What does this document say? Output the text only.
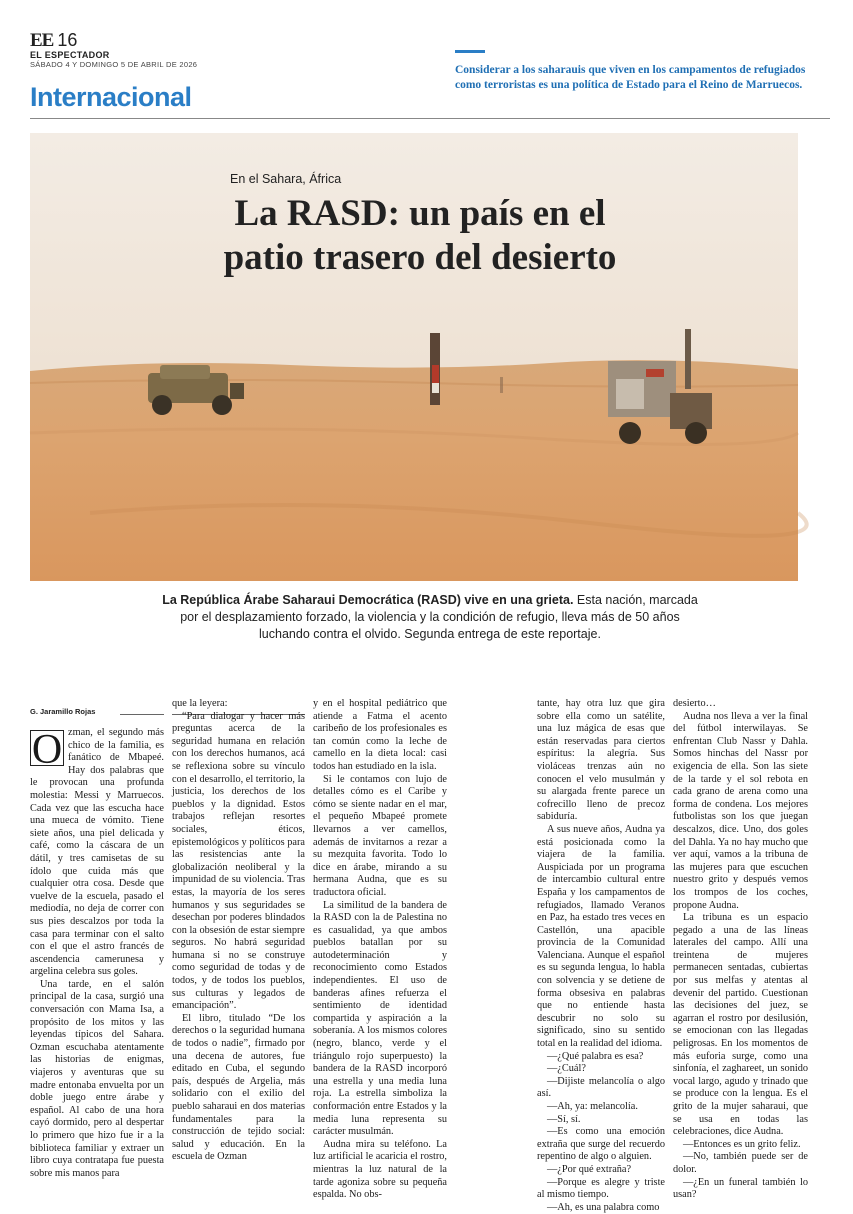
EE 16
EL ESPECTADOR
SÁBADO 4 Y DOMINGO 5 DE ABRIL DE 2026
Internacional
Considerar a los saharauis que viven en los campamentos de refugiados como terroristas es una política de Estado para el Reino de Marruecos.
En el Sahara, África
La RASD: un país en el patio trasero del desierto
La República Árabe Saharaui Democrática (RASD) vive en una grieta. Esta nación, marcada por el desplazamiento forzado, la violencia y la condición de refugio, lleva más de 50 años luchando contra el olvido. Segunda entrega de este reportaje.
G. Jaramillo Rojas
O zman, el segundo más chico de la familia, es fanático de Mbapeé. Hay dos palabras que le provocan una profunda molestia: Messi y Marruecos. Cada vez que las escucha hace una mueca de vómito. Tiene siete años, una piel delicada y café, como la cáscara de un dátil, y tres camisetas de su ídolo que cuida más que cualquier otra cosa. Desde que vuelve de la escuela, pasado el mediodía, no deja de correr con sus pies descalzos por toda la casa para terminar con el salto con el que el astro francés de ascendencia camerunesa y argelina celebra sus goles.

Una tarde, en el salón principal de la casa, surgió una conversación con Mama Isa, a propósito de los mitos y las leyendas típicos del Sahara. Ozman escuchaba atentamente las historias de enigmas, viajeros y aventuras que su madre entonaba envuelta por un doble juego entre árabe y español. Al cabo de una hora cayó dormido, pero al despertar lo primero que hizo fue ir a la biblioteca familiar y extraer un libro cuya contratapa fue puesta sobre mis manos para

que la leyera:

“Para dialogar y hacer más preguntas acerca de la seguridad humana en relación con los derechos humanos, acá se reflexiona sobre su vínculo con el desarrollo, el territorio, la justicia, los derechos de los pueblos y la dignidad. Estos trabajos reflejan resortes sociales, éticos, epistemológicos y políticos para las resistencias ante la globalización neoliberal y la impunidad de su violencia. Tras estas, la mayoría de los seres humanos y sus seguridades se desechan por poderes blindados con la obsesión de estar siempre seguros. No habrá seguridad humana si no se construye como seguridad de todas y de todos, y de todos los pueblos, sus culturas y legados de emancipación”.

El libro, titulado “De los derechos o la seguridad humana de todos o nadie”, firmado por una decena de autores, fue editado en Cuba, el segundo país, después de Argelia, más solidario con el exilio del pueblo saharaui en dos materias fundamentales para la construcción de tejido social: salud y educación. En la escuela de Ozman

y en el hospital pediátrico que atiende a Fatma el acento caribeño de los profesionales es tan común como la leche de camello en la dieta local: casi todos han estudiado en la isla.

Si le contamos con lujo de detalles cómo es el Caribe y cómo se siente nadar en el mar, el pequeño Mbapeé promete llevarnos a ver camellos, además de invitarnos a rezar a su mezquita favorita. Todo lo dice en árabe, mirando a su hermana Audna, que es su traductora oficial.

La similitud de la bandera de la RASD con la de Palestina no es casualidad, ya que ambos pueblos batallan por su autodeterminación y reconocimiento como Estados independientes. El uso de banderas afines refuerza el sentimiento de identidad compartida y aspiración a la soberanía. A los mismos colores (negro, blanco, verde y el triángulo rojo superpuesto) la bandera de la RASD incorporó una estrella y una media luna roja. La estrella simboliza la conformación entre Estados y la media luna representa su carácter musulmán.

Audna mira su teléfono. La luz artificial le acaricia el rostro, mientras la luz natural de la tarde agoniza sobre su pequeña espalda. No obs-

tante, hay otra luz que gira sobre ella como un satélite, una luz mágica de esas que están reservadas para ciertos espíritus: la alegría. Sus violáceas trenzas aún no conocen el velo musulmán y su alargada frente parece un cofrecillo lleno de precoz sabiduría.

A sus nueve años, Audna ya está posicionada como la viajera de la familia. Auspiciada por un programa de intercambio cultural entre España y los campamentos de refugiados, llamado Veranos en Paz, ha estado tres veces en Castellón, una apacible provincia de la Comunidad Valenciana. Aunque el español es su segunda lengua, lo habla con solvencia y se detiene de forma obsesiva en palabras que no entiende hasta descubrir no solo su significado, sino su sentido total en la realidad del idioma.

—¿Qué palabra es esa?

—¿Cuál?

—Dijiste melancolía o algo así.

—Ah, ya: melancolía.

—Sí, sí.

—Es como una emoción extraña que surge del recuerdo repentino de algo o alguien.

—¿Por qué extraña?

—Porque es alegre y triste al mismo tiempo.

—Ah, es una palabra como

desierto…

Audna nos lleva a ver la final del fútbol interwilayas. Se enfrentan Club Nassr y Dahla. Somos hinchas del Nassr por exigencia de ella. Son las siete de la tarde y el sol rebota en cada grano de arena como una forma de condena. Los mejores futbolistas son los que juegan descalzos, dice. Uno, dos goles del Dahla. Ya no hay mucho que ver aquí, vamos a la tribuna de las mujeres para que escuchen nuestro grito y después vemos los trompos de los coches, propone Audna.

La tribuna es un espacio pegado a una de las líneas laterales del campo. Allí una treintena de mujeres permanecen sentadas, cubiertas por sus melfas y atentas al devenir del partido. Cuestionan las decisiones del juez, se agarran el rostro por desilusión, se emocionan con las llegadas peligrosas. En los momentos de más euforia surge, como una sinfonía, el zaghareet, un sonido vocal largo, agudo y trinado que se produce con la lengua. Es el grito de la mujer saharaui, que se usa en todas las celebraciones, dice Audna.

—Entonces es un grito feliz.

—No, también puede ser de dolor.

—¿En un funeral también lo usan?
